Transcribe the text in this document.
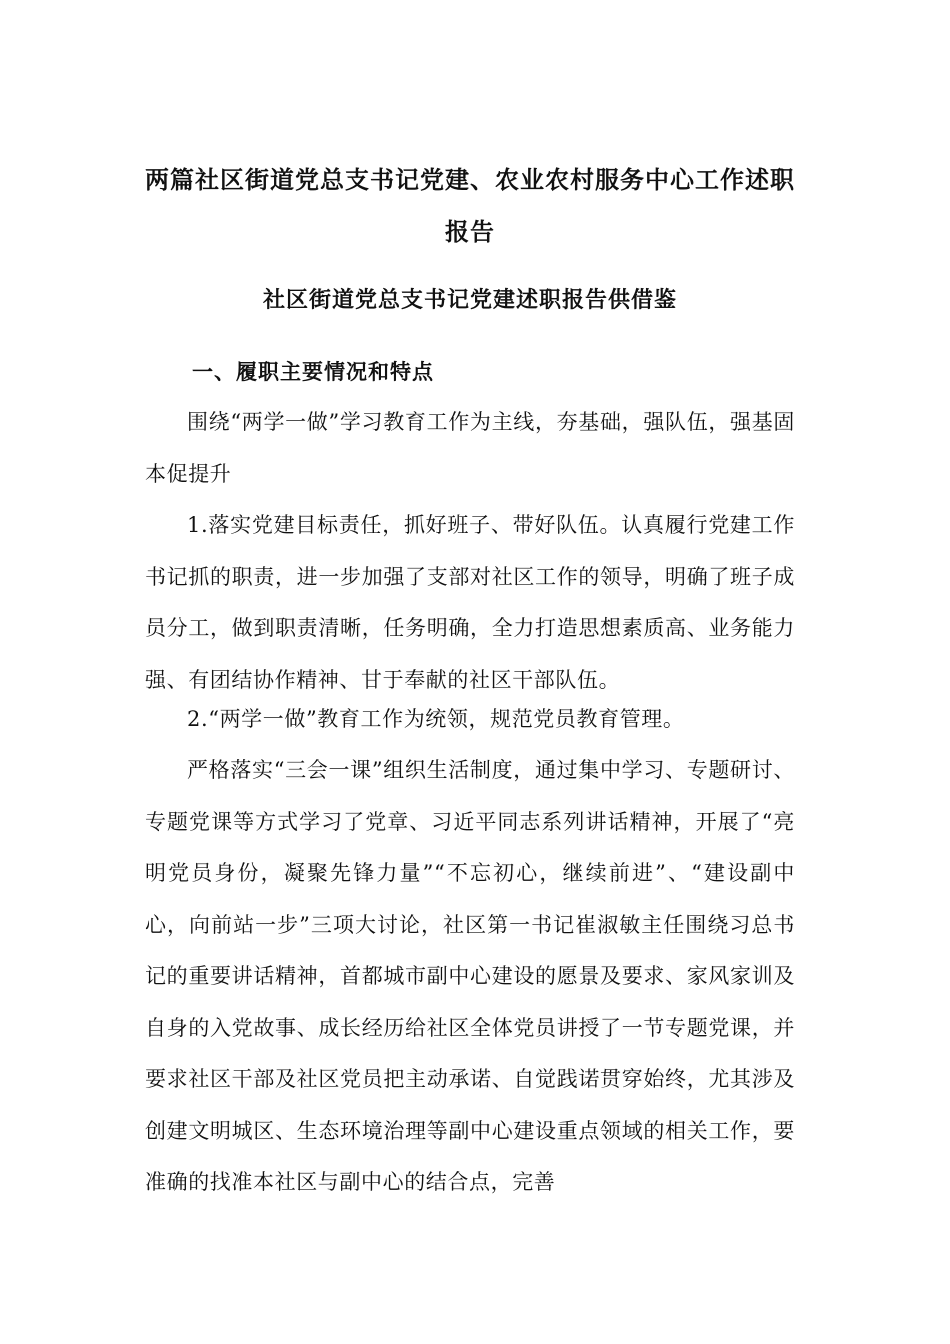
两篇社区街道党总支书记党建、农业农村服务中心工作述职报告
社区街道党总支书记党建述职报告供借鉴
一、履职主要情况和特点

围绕“两学一做”学习教育工作为主线，夯基础，强队伍，强基固本促提升

1.落实党建目标责任，抓好班子、带好队伍。认真履行党建工作书记抓的职责，进一步加强了支部对社区工作的领导，明确了班子成员分工，做到职责清晰，任务明确，全力打造思想素质高、业务能力强、有团结协作精神、甘于奉献的社区干部队伍。

2.“两学一做”教育工作为统领，规范党员教育管理。

严格落实“三会一课”组织生活制度，通过集中学习、专题研讨、专题党课等方式学习了党章、习近平同志系列讲话精神，开展了“亮明党员身份，凝聚先锋力量”“不忘初心，继续前进”、“建设副中心，向前站一步”三项大讨论，社区第一书记崔淑敏主任围绕习总书记的重要讲话精神，首都城市副中心建设的愿景及要求、家风家训及自身的入党故事、成长经历给社区全体党员讲授了一节专题党课，并要求社区干部及社区党员把主动承诺、自觉践诺贯穿始终，尤其涉及创建文明城区、生态环境治理等副中心建设重点领域的相关工作，要准确的找准本社区与副中心的结合点，完善
